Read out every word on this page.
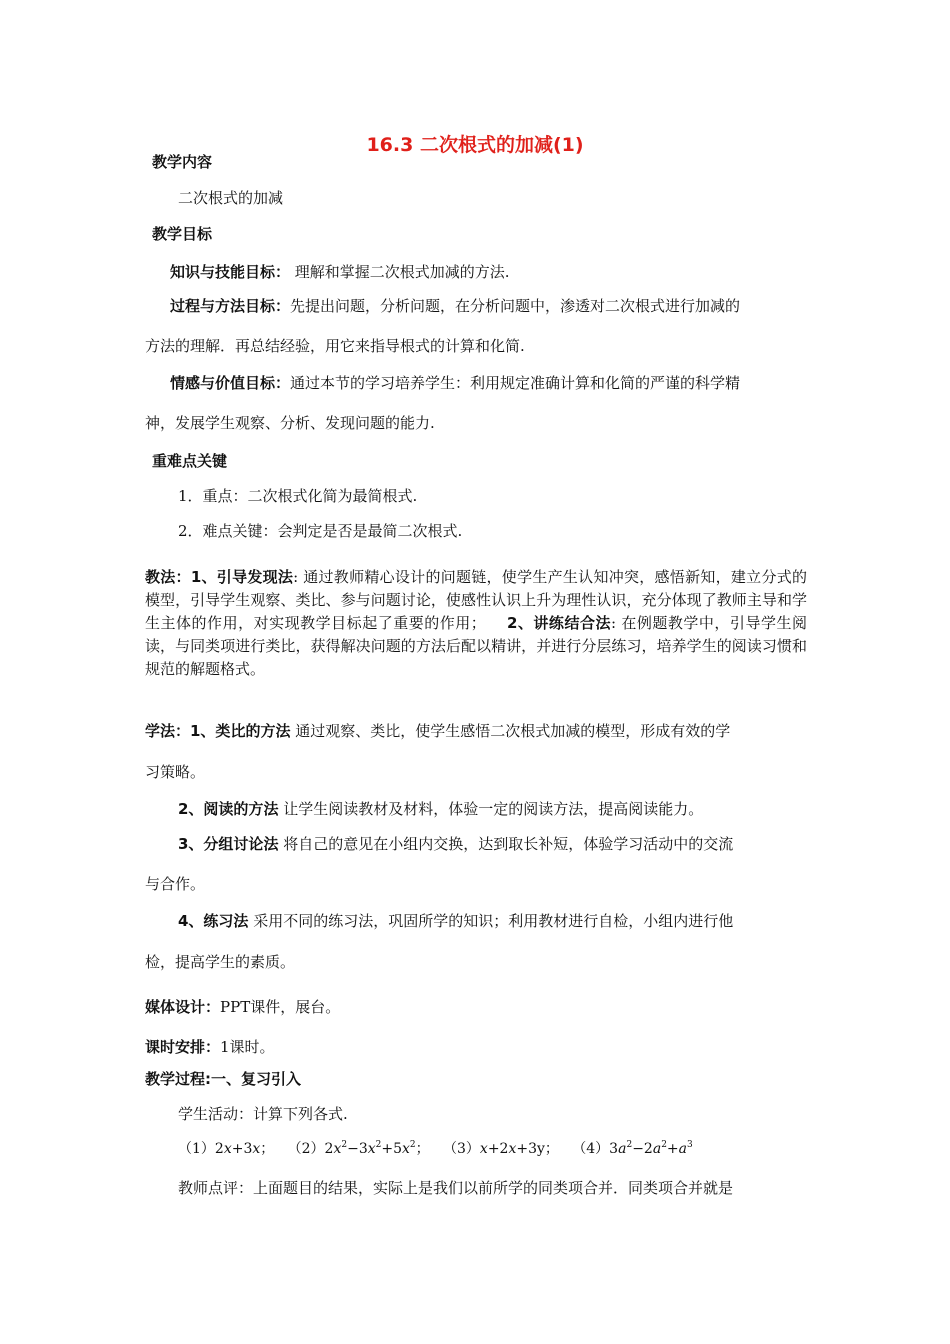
16.3 二次根式的加减(1)
教学内容
二次根式的加减
教学目标
知识与技能目标： 理解和掌握二次根式加减的方法.
过程与方法目标：先提出问题，分析问题，在分析问题中，渗透对二次根式进行加减的
方法的理解．再总结经验，用它来指导根式的计算和化简.
情感与价值目标：通过本节的学习培养学生：利用规定准确计算和化简的严谨的科学精
神，发展学生观察、分析、发现问题的能力.
重难点关键
1．重点：二次根式化简为最简根式.
2．难点关键：会判定是否是最简二次根式.
教法：1、引导发现法: 通过教师精心设计的问题链，使学生产生认知冲突，感悟新知，建立分式的模型，引导学生观察、类比、参与问题讨论，使感性认识上升为理性认识，充分体现了教师主导和学生主体的作用，对实现教学目标起了重要的作用； 2、讲练结合法: 在例题教学中，引导学生阅读，与同类项进行类比，获得解决问题的方法后配以精讲，并进行分层练习，培养学生的阅读习惯和规范的解题格式。
学法：1、类比的方法 通过观察、类比，使学生感悟二次根式加减的模型，形成有效的学
习策略。
2、阅读的方法 让学生阅读教材及材料，体验一定的阅读方法，提高阅读能力。
3、分组讨论法 将自己的意见在小组内交换，达到取长补短，体验学习活动中的交流
与合作。
4、练习法 采用不同的练习法，巩固所学的知识；利用教材进行自检，小组内进行他
检，提高学生的素质。
媒体设计：PPT课件，展台。
课时安排：1课时。
教学过程:一、复习引入
学生活动：计算下列各式.
（1）2x+3x；   $(2)2x^2-3x^2+5x^2$；   （3）x+2x+3y；   $(4)3a^2-2a^2+a^3$
教师点评：上面题目的结果，实际上是我们以前所学的同类项合并．同类项合并就是
